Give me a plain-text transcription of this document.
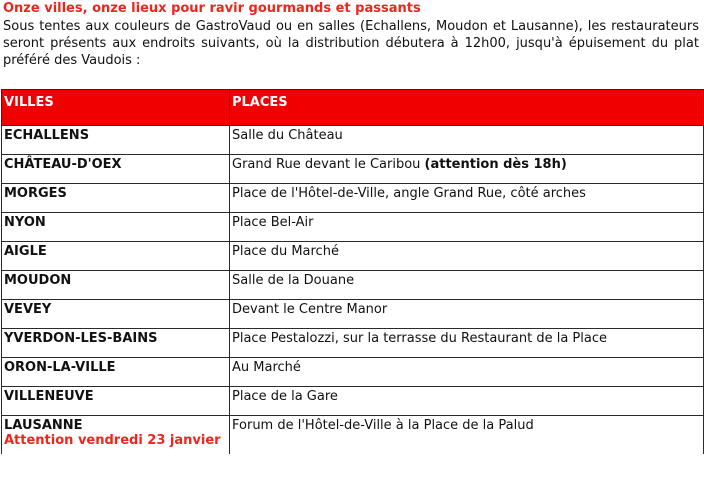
Onze villes, onze lieux pour ravir gourmands et passants
Sous tentes aux couleurs de GastroVaud ou en salles (Echallens, Moudon et Lausanne), les restaurateurs seront présents aux endroits suivants, où la distribution débutera à 12h00, jusqu'à épuisement du plat préféré des Vaudois :
VILLES	PLACES
ECHALLENS	Salle du Château
CHÂTEAU-D'OEX	Grand Rue devant le Caribou (attention dès 18h)
MORGES	Place de l'Hôtel-de-Ville, angle Grand Rue, côté arches
NYON	Place Bel-Air
AIGLE	Place du Marché
MOUDON	Salle de la Douane
VEVEY	Devant le Centre Manor
YVERDON-LES-BAINS	Place Pestalozzi, sur la terrasse du Restaurant de la Place
ORON-LA-VILLE	Au Marché
VILLENEUVE	Place de la Gare
LAUSANNE
Attention vendredi 23 janvier	Forum de l'Hôtel-de-Ville à la Place de la Palud
